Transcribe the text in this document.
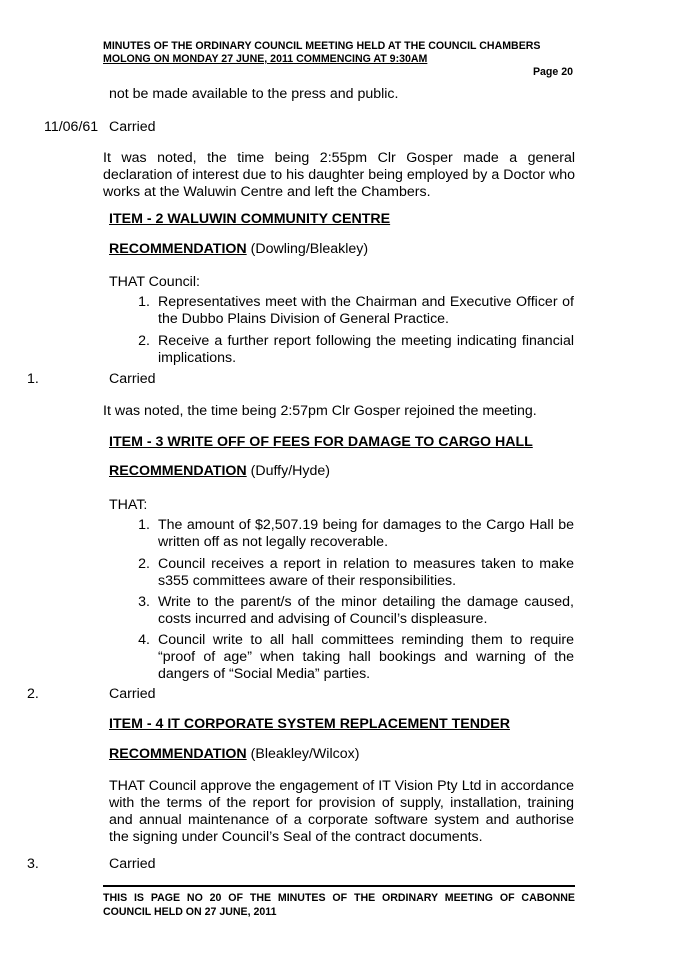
MINUTES OF THE ORDINARY COUNCIL MEETING HELD AT THE COUNCIL CHAMBERS
MOLONG ON MONDAY 27 JUNE, 2011 COMMENCING AT 9:30AM
Page 20
not be made available to the press and public.
11/06/61 Carried
It was noted, the time being 2:55pm Clr Gosper made a general declaration of interest due to his daughter being employed by a Doctor who works at the Waluwin Centre and left the Chambers.
ITEM - 2 WALUWIN COMMUNITY CENTRE
RECOMMENDATION (Dowling/Bleakley)
THAT Council:
1. Representatives meet with the Chairman and Executive Officer of the Dubbo Plains Division of General Practice.
2. Receive a further report following the meeting indicating financial implications.
1.	Carried
It was noted, the time being 2:57pm Clr Gosper rejoined the meeting.
ITEM - 3 WRITE OFF OF FEES FOR DAMAGE TO CARGO HALL
RECOMMENDATION (Duffy/Hyde)
THAT:
1. The amount of $2,507.19 being for damages to the Cargo Hall be written off as not legally recoverable.
2. Council receives a report in relation to measures taken to make s355 committees aware of their responsibilities.
3. Write to the parent/s of the minor detailing the damage caused, costs incurred and advising of Council’s displeasure.
4. Council write to all hall committees reminding them to require “proof of age” when taking hall bookings and warning of the dangers of “Social Media” parties.
2.	Carried
ITEM - 4 IT CORPORATE SYSTEM REPLACEMENT TENDER
RECOMMENDATION (Bleakley/Wilcox)
THAT Council approve the engagement of IT Vision Pty Ltd in accordance with the terms of the report for provision of supply, installation, training and annual maintenance of a corporate software system and authorise the signing under Council’s Seal of the contract documents.
3.	Carried
THIS IS PAGE NO 20 OF THE MINUTES OF THE ORDINARY MEETING OF CABONNE COUNCIL HELD ON 27 JUNE, 2011
